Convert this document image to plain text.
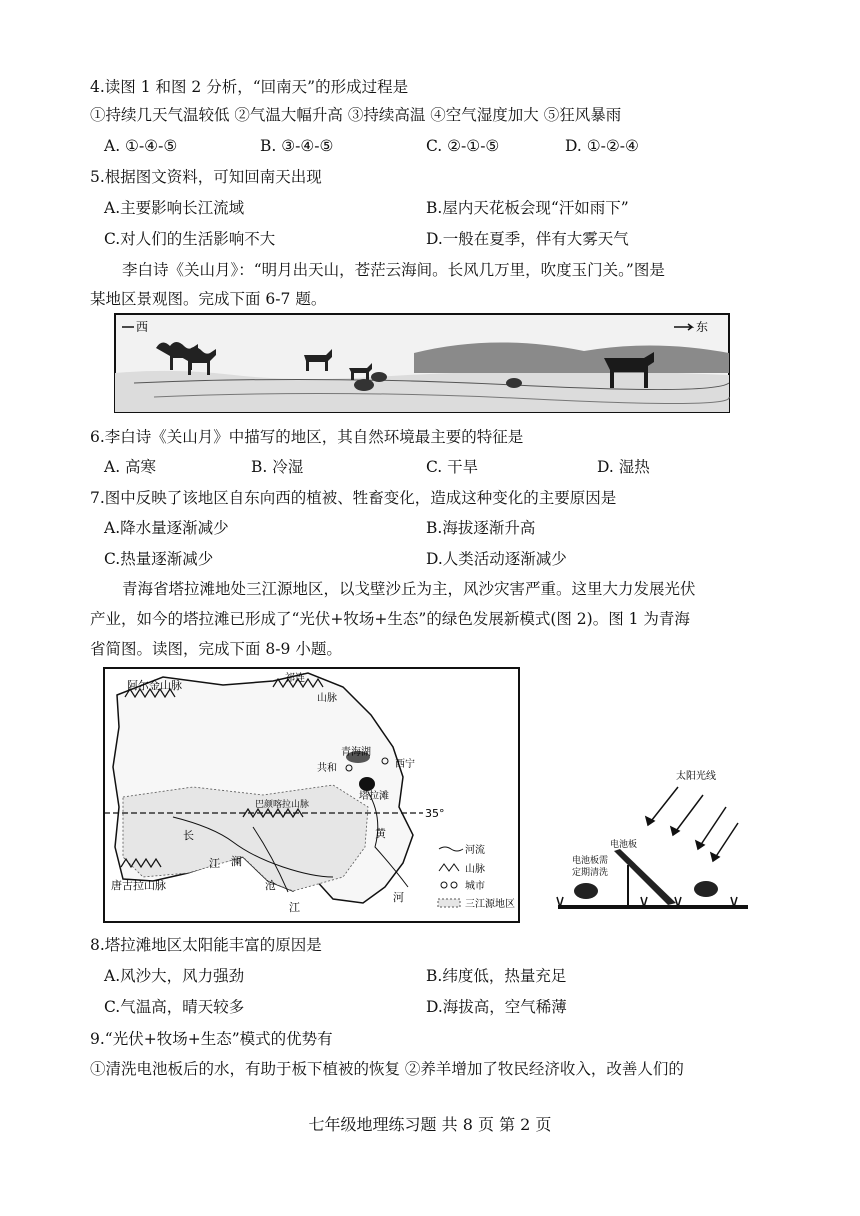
4.读图 1 和图 2 分析，“回南天”的形成过程是
①持续几天气温较低 ②气温大幅升高 ③持续高温 ④空气湿度加大 ⑤狂风暴雨
A. ①-④-⑤	B. ③-④-⑤	C. ②-①-⑤	D. ①-②-④
5.根据图文资料，可知回南天出现
A.主要影响长江流域	B.屋内天花板会现“汗如雨下”
C.对人们的生活影响不大	D.一般在夏季，伴有大雾天气
李白诗《关山月》：“明月出天山，苍茫云海间。长风几万里，吹度玉门关。”图是
某地区景观图。完成下面 6-7 题。
西	东
6.李白诗《关山月》中描写的地区，其自然环境最主要的特征是
A. 高寒	B. 冷湿	C. 干旱	D. 湿热
7.图中反映了该地区自东向西的植被、牲畜变化，造成这种变化的主要原因是
A.降水量逐渐减少	B.海拔逐渐升高
C.热量逐渐减少	D.人类活动逐渐减少
青海省塔拉滩地处三江源地区，以戈壁沙丘为主，风沙灾害严重。这里大力发展光伏
产业，如今的塔拉滩已形成了“光伏+牧场+生态”的绿色发展新模式(图 2)。图 1 为青海
省简图。读图，完成下面 8-9 小题。
阿尔金山脉
祁连
山脉
青海湖
共和	西宁
塔拉滩
35°
唐古拉山脉
长
江 澜
沧
江
黄
河
巴颜喀拉山脉
河流
山脉
城市
三江源地区
太阳光线
电池板
电池板需
定期清洗
8.塔拉滩地区太阳能丰富的原因是
A.风沙大，风力强劲	B.纬度低，热量充足
C.气温高，晴天较多	D.海拔高，空气稀薄
9.“光伏+牧场+生态”模式的优势有
①清洗电池板后的水，有助于板下植被的恢复 ②养羊增加了牧民经济收入，改善人们的
七年级地理练习题 共 8 页 第 2 页
